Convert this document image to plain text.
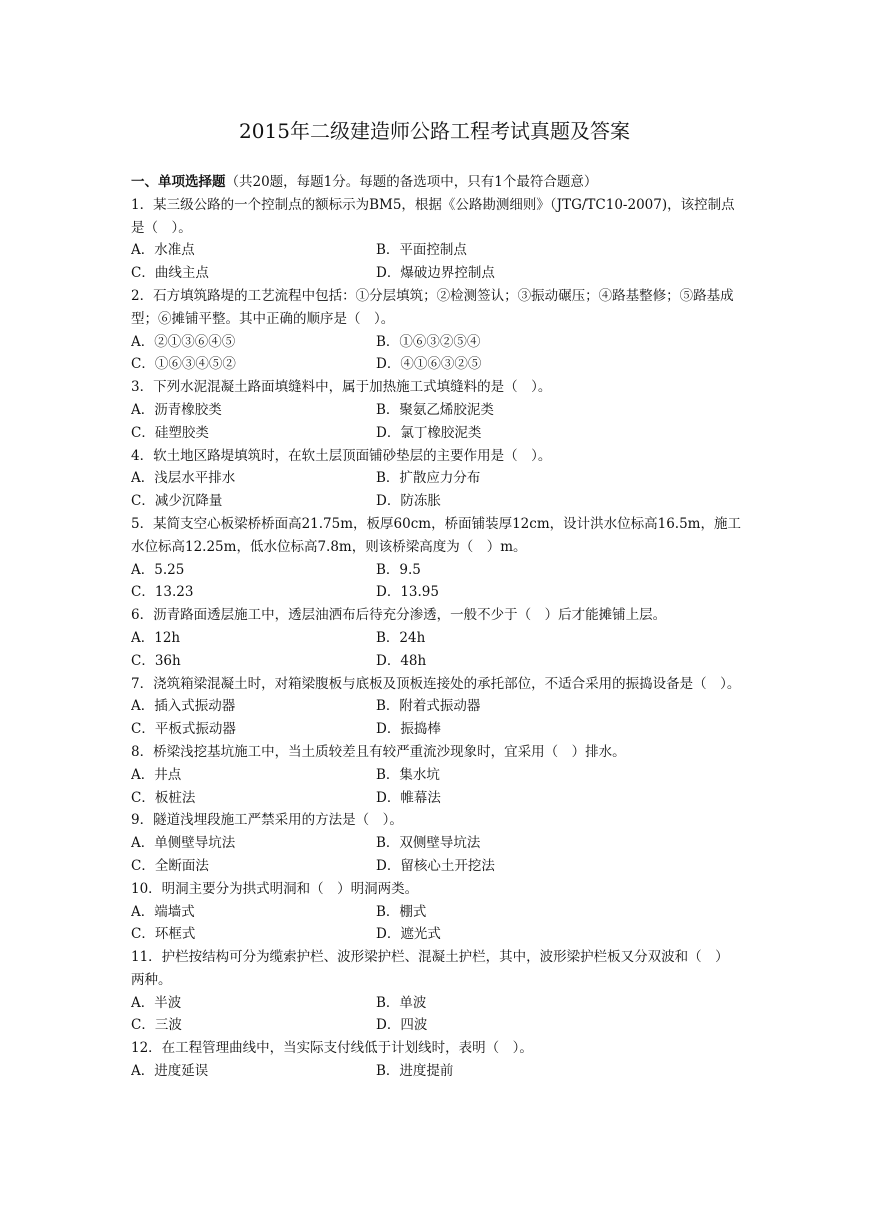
2015年二级建造师公路工程考试真题及答案
一、单项选择题（共20题，每题1分。每题的备选项中，只有1个最符合题意）
1．某三级公路的一个控制点的额标示为BM5，根据《公路勘测细则》（JTG/TC10-2007)，该控制点是（　）。
A．水准点	B．平面控制点
C．曲线主点	D．爆破边界控制点
2．石方填筑路堤的工艺流程中包括：①分层填筑；②检测签认；③振动碾压；④路基整修；⑤路基成型；⑥摊铺平整。其中正确的顺序是（　）。
A．②①③⑥④⑤	B．①⑥③②⑤④
C．①⑥③④⑤②	D．④①⑥③②⑤
3．下列水泥混凝土路面填缝料中，属于加热施工式填缝料的是（　）。
A．沥青橡胶类	B．聚氨乙烯胶泥类
C．硅塑胶类	D．氯丁橡胶泥类
4．软土地区路堤填筑时，在软土层顶面铺砂垫层的主要作用是（　）。
A．浅层水平排水	B．扩散应力分布
C．减少沉降量	D．防冻胀
5．某简支空心板梁桥桥面高21.75m，板厚60cm，桥面铺装厚12cm，设计洪水位标高16.5m，施工水位标高12.25m，低水位标高7.8m，则该桥梁高度为（　）m。
A．5.25	B．9.5
C．13.23	D．13.95
6．沥青路面透层施工中，透层油洒布后待充分渗透，一般不少于（　）后才能摊铺上层。
A．12h	B．24h
C．36h	D．48h
7．浇筑箱梁混凝土时，对箱梁腹板与底板及顶板连接处的承托部位，不适合采用的振捣设备是（　）。
A．插入式振动器	B．附着式振动器
C．平板式振动器	D．振捣棒
8．桥梁浅挖基坑施工中，当土质较差且有较严重流沙现象时，宜采用（　）排水。
A．井点	B．集水坑
C．板桩法	D．帷幕法
9．隧道浅埋段施工严禁采用的方法是（　）。
A．单侧壁导坑法	B．双侧壁导坑法
C．全断面法	D．留核心土开挖法
10．明洞主要分为拱式明洞和（　）明洞两类。
A．端墙式	B．棚式
C．环框式	D．遮光式
11．护栏按结构可分为缆索护栏、波形梁护栏、混凝土护栏，其中，波形梁护栏板又分双波和（　）两种。
A．半波	B．单波
C．三波	D．四波
12．在工程管理曲线中，当实际支付线低于计划线时，表明（　）。
A．进度延误	B．进度提前
